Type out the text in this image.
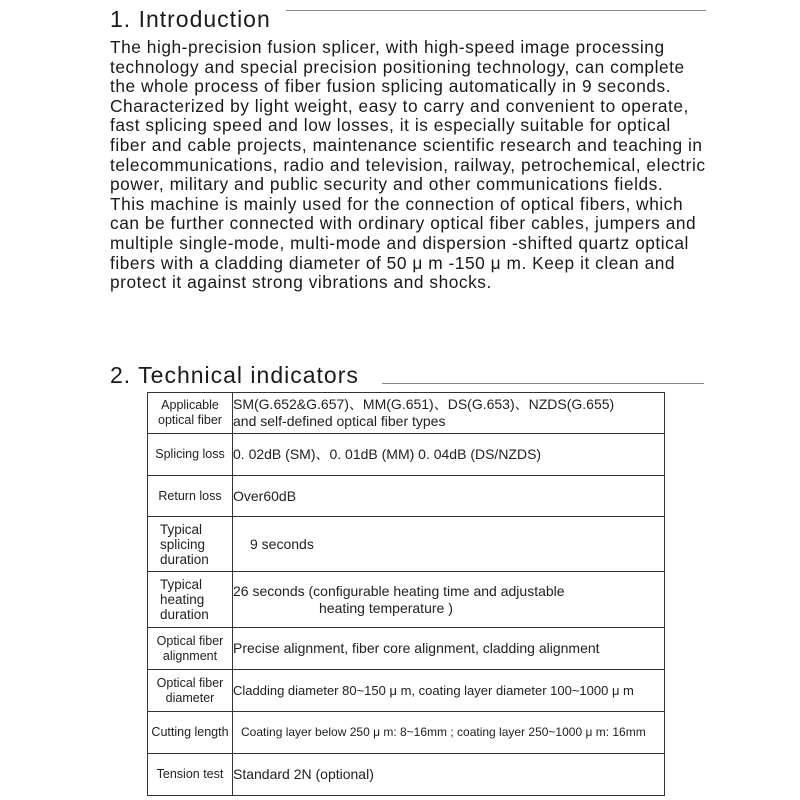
1. Introduction

The high-precision fusion splicer, with high-speed image processing technology and special precision positioning technology, can complete the whole process of fiber fusion splicing automatically in 9 seconds. Characterized by light weight, easy to carry and convenient to operate, fast splicing speed and low losses, it is especially suitable for optical fiber and cable projects, maintenance scientific research and teaching in telecommunications, radio and television, railway, petrochemical, electric power, military and public security and other communications fields.

This machine is mainly used for the connection of optical fibers, which can be further connected with ordinary optical fiber cables, jumpers and multiple single-mode, multi-mode and dispersion -shifted quartz optical fibers with a cladding diameter of 50 μ m -150 μ m. Keep it clean and protect it against strong vibrations and shocks.

2. Technical indicators
Applicable
optical fiber	SM(G.652&G.657)、MM(G.651)、DS(G.653)、NZDS(G.655)
and self-defined optical fiber types

Splicing loss	0. 02dB (SM)、0. 01dB (MM) 0. 04dB (DS/NZDS)

Return loss	Over60dB

Typical
splicing
duration	9 seconds

Typical
heating
duration	26 seconds (configurable heating time and adjustable
heating temperature )

Optical fiber
alignment	Precise alignment, fiber core alignment, cladding alignment

Optical fiber
diameter	Cladding diameter 80~150 μ m, coating layer diameter 100~1000 μ m

Cutting length	Coating layer below 250 μ m: 8~16mm ; coating layer 250~1000 μ m: 16mm

Tension test	Standard 2N (optional)
